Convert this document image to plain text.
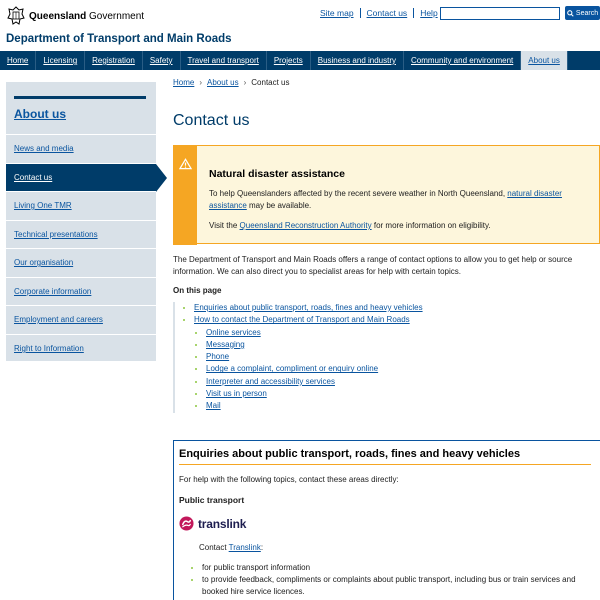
Queensland Government	Site map	Contact us	Help	Search
Department of Transport and Main Roads
Home	Licensing	Registration	Safety	Travel and transport	Projects	Business and industry	Community and environment	About us
About us
News and media
Contact us
Living One TMR
Technical presentations
Our organisation
Corporate information
Employment and careers
Right to Information
Home › About us › Contact us
Contact us
Natural disaster assistance
To help Queenslanders affected by the recent severe weather in North Queensland, natural disaster assistance may be available.
Visit the Queensland Reconstruction Authority for more information on eligibility.
The Department of Transport and Main Roads offers a range of contact options to allow you to get help or source information. We can also direct you to specialist areas for help with certain topics.
On this page
Enquiries about public transport, roads, fines and heavy vehicles
How to contact the Department of Transport and Main Roads
Online services
Messaging
Phone
Lodge a complaint, compliment or enquiry online
Interpreter and accessibility services
Visit us in person
Mail
Enquiries about public transport, roads, fines and heavy vehicles
For help with the following topics, contact these areas directly:
Public transport
translink
Contact Translink:
for public transport information
to provide feedback, compliments or complaints about public transport, including bus or train services and booked hire service licences.
